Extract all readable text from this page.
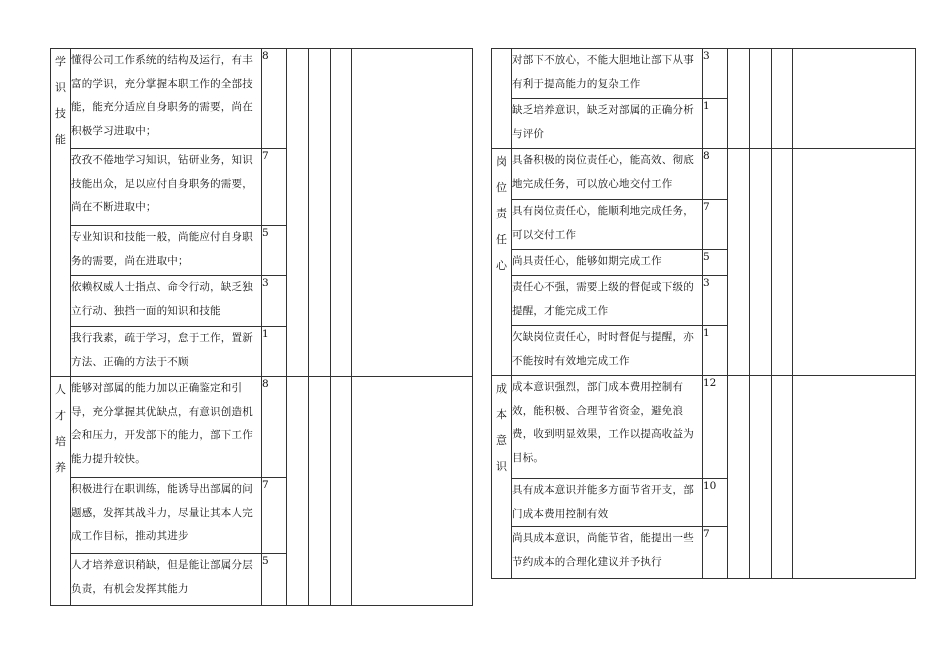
学
识
技
能	懂得公司工作系统的结构及运行，有丰富的学识，充分掌握本职工作的全部技能，能充分适应自身职务的需要，尚在积极学习进取中；	8				
	孜孜不倦地学习知识，钻研业务，知识技能出众，足以应付自身职务的需要，尚在不断进取中；	7				
	专业知识和技能一般，尚能应付自身职务的需要，尚在进取中；	5				
	依赖权威人士指点、命令行动，缺乏独立行动、独挡一面的知识和技能	3				
	我行我素，疏于学习，怠于工作，置新方法、正确的方法于不顾	1				

人
才
培
养	能够对部属的能力加以正确鉴定和引导，充分掌握其优缺点，有意识创造机会和压力，开发部下的能力，部下工作能力提升较快。	8				
	积极进行在职训练，能诱导出部属的问题感，发挥其战斗力，尽量让其本人完成工作目标，推动其进步	7				
	人才培养意识稍缺，但是能让部属分层负责，有机会发挥其能力	5				
	对部下不放心，不能大胆地让部下从事有利于提高能力的复杂工作	3				
	缺乏培养意识，缺乏对部属的正确分析与评价	1				

岗
位
责
任
心	具备积极的岗位责任心，能高效、彻底地完成任务，可以放心地交付工作	8				
	具有岗位责任心，能顺利地完成任务，可以交付工作	7				
	尚具责任心，能够如期完成工作	5				
	责任心不强，需要上级的督促或下级的提醒，才能完成工作	3				
	欠缺岗位责任心，时时督促与提醒，亦不能按时有效地完成工作	1				

成
本
意
识	成本意识强烈，部门成本费用控制有效，能积极、合理节省资金，避免浪费，收到明显效果，工作以提高收益为目标。	12				
	具有成本意识并能多方面节省开支，部门成本费用控制有效	10				
	尚具成本意识，尚能节省，能提出一些节约成本的合理化建议并予执行	7				
